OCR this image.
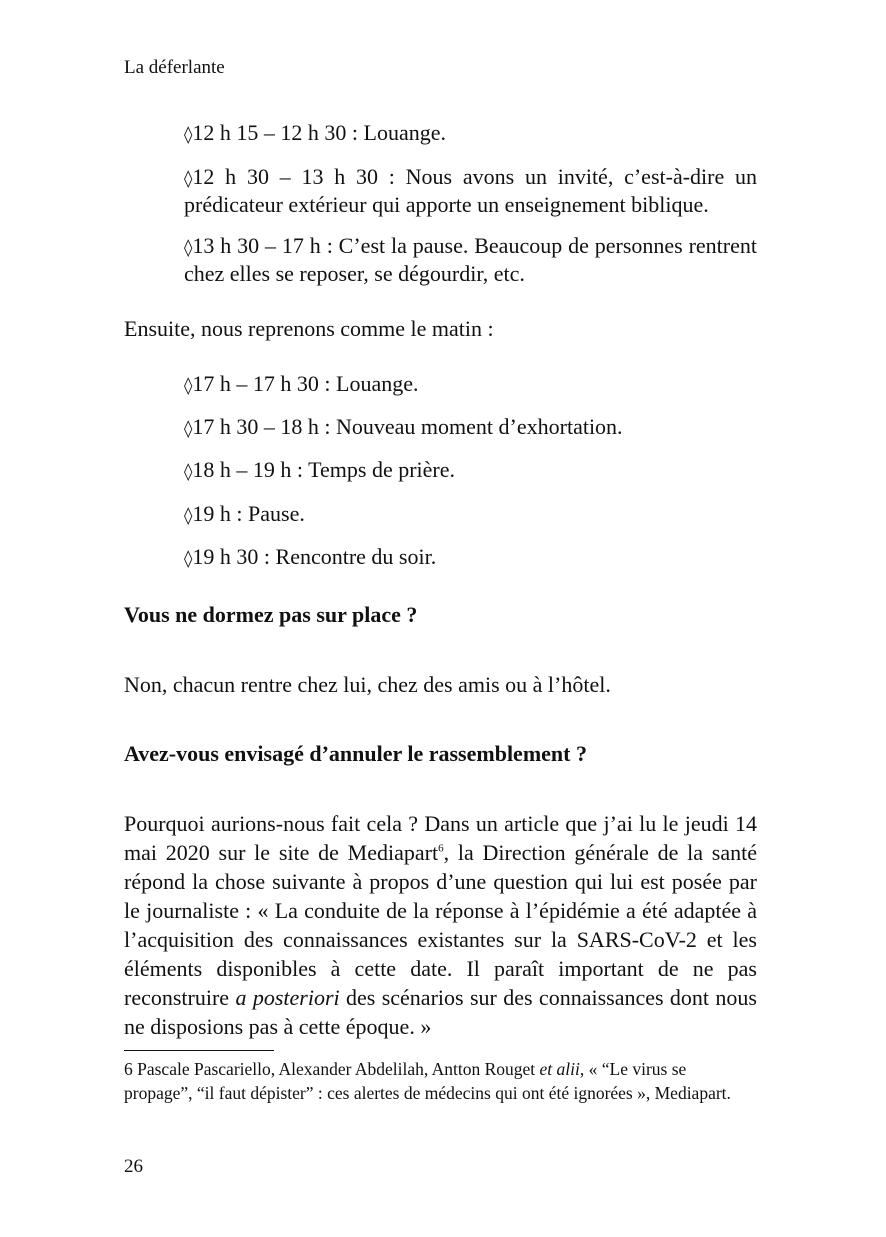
La déferlante
◊12 h 15 – 12 h 30 : Louange.
◊12 h 30 – 13 h 30 : Nous avons un invité, c’est-à-dire un prédicateur extérieur qui apporte un enseignement biblique.
◊13 h 30 – 17 h : C’est la pause. Beaucoup de personnes rentrent chez elles se reposer, se dégourdir, etc.
Ensuite, nous reprenons comme le matin :
◊17 h – 17 h 30 : Louange.
◊17 h 30 – 18 h : Nouveau moment d’exhortation.
◊18 h – 19 h : Temps de prière.
◊19 h : Pause.
◊19 h 30 : Rencontre du soir.
Vous ne dormez pas sur place ?
Non, chacun rentre chez lui, chez des amis ou à l’hôtel.
Avez-vous envisagé d’annuler le rassemblement ?
Pourquoi aurions-nous fait cela ? Dans un article que j’ai lu le jeudi 14 mai 2020 sur le site de Mediapart$^6$, la Direction générale de la santé répond la chose suivante à propos d’une question qui lui est posée par le journaliste : « La conduite de la réponse à l’épidémie a été adaptée à l’acquisition des connaissances existantes sur la SARS-CoV-2 et les éléments disponibles à cette date. Il paraît important de ne pas reconstruire a posteriori des scénarios sur des connaissances dont nous ne disposions pas à cette époque. »
6 Pascale Pascariello, Alexander Abdelilah, Antton Rouget et alii, « “Le virus se propage”, “il faut dépister” : ces alertes de médecins qui ont été ignorées », Mediapart.
26
